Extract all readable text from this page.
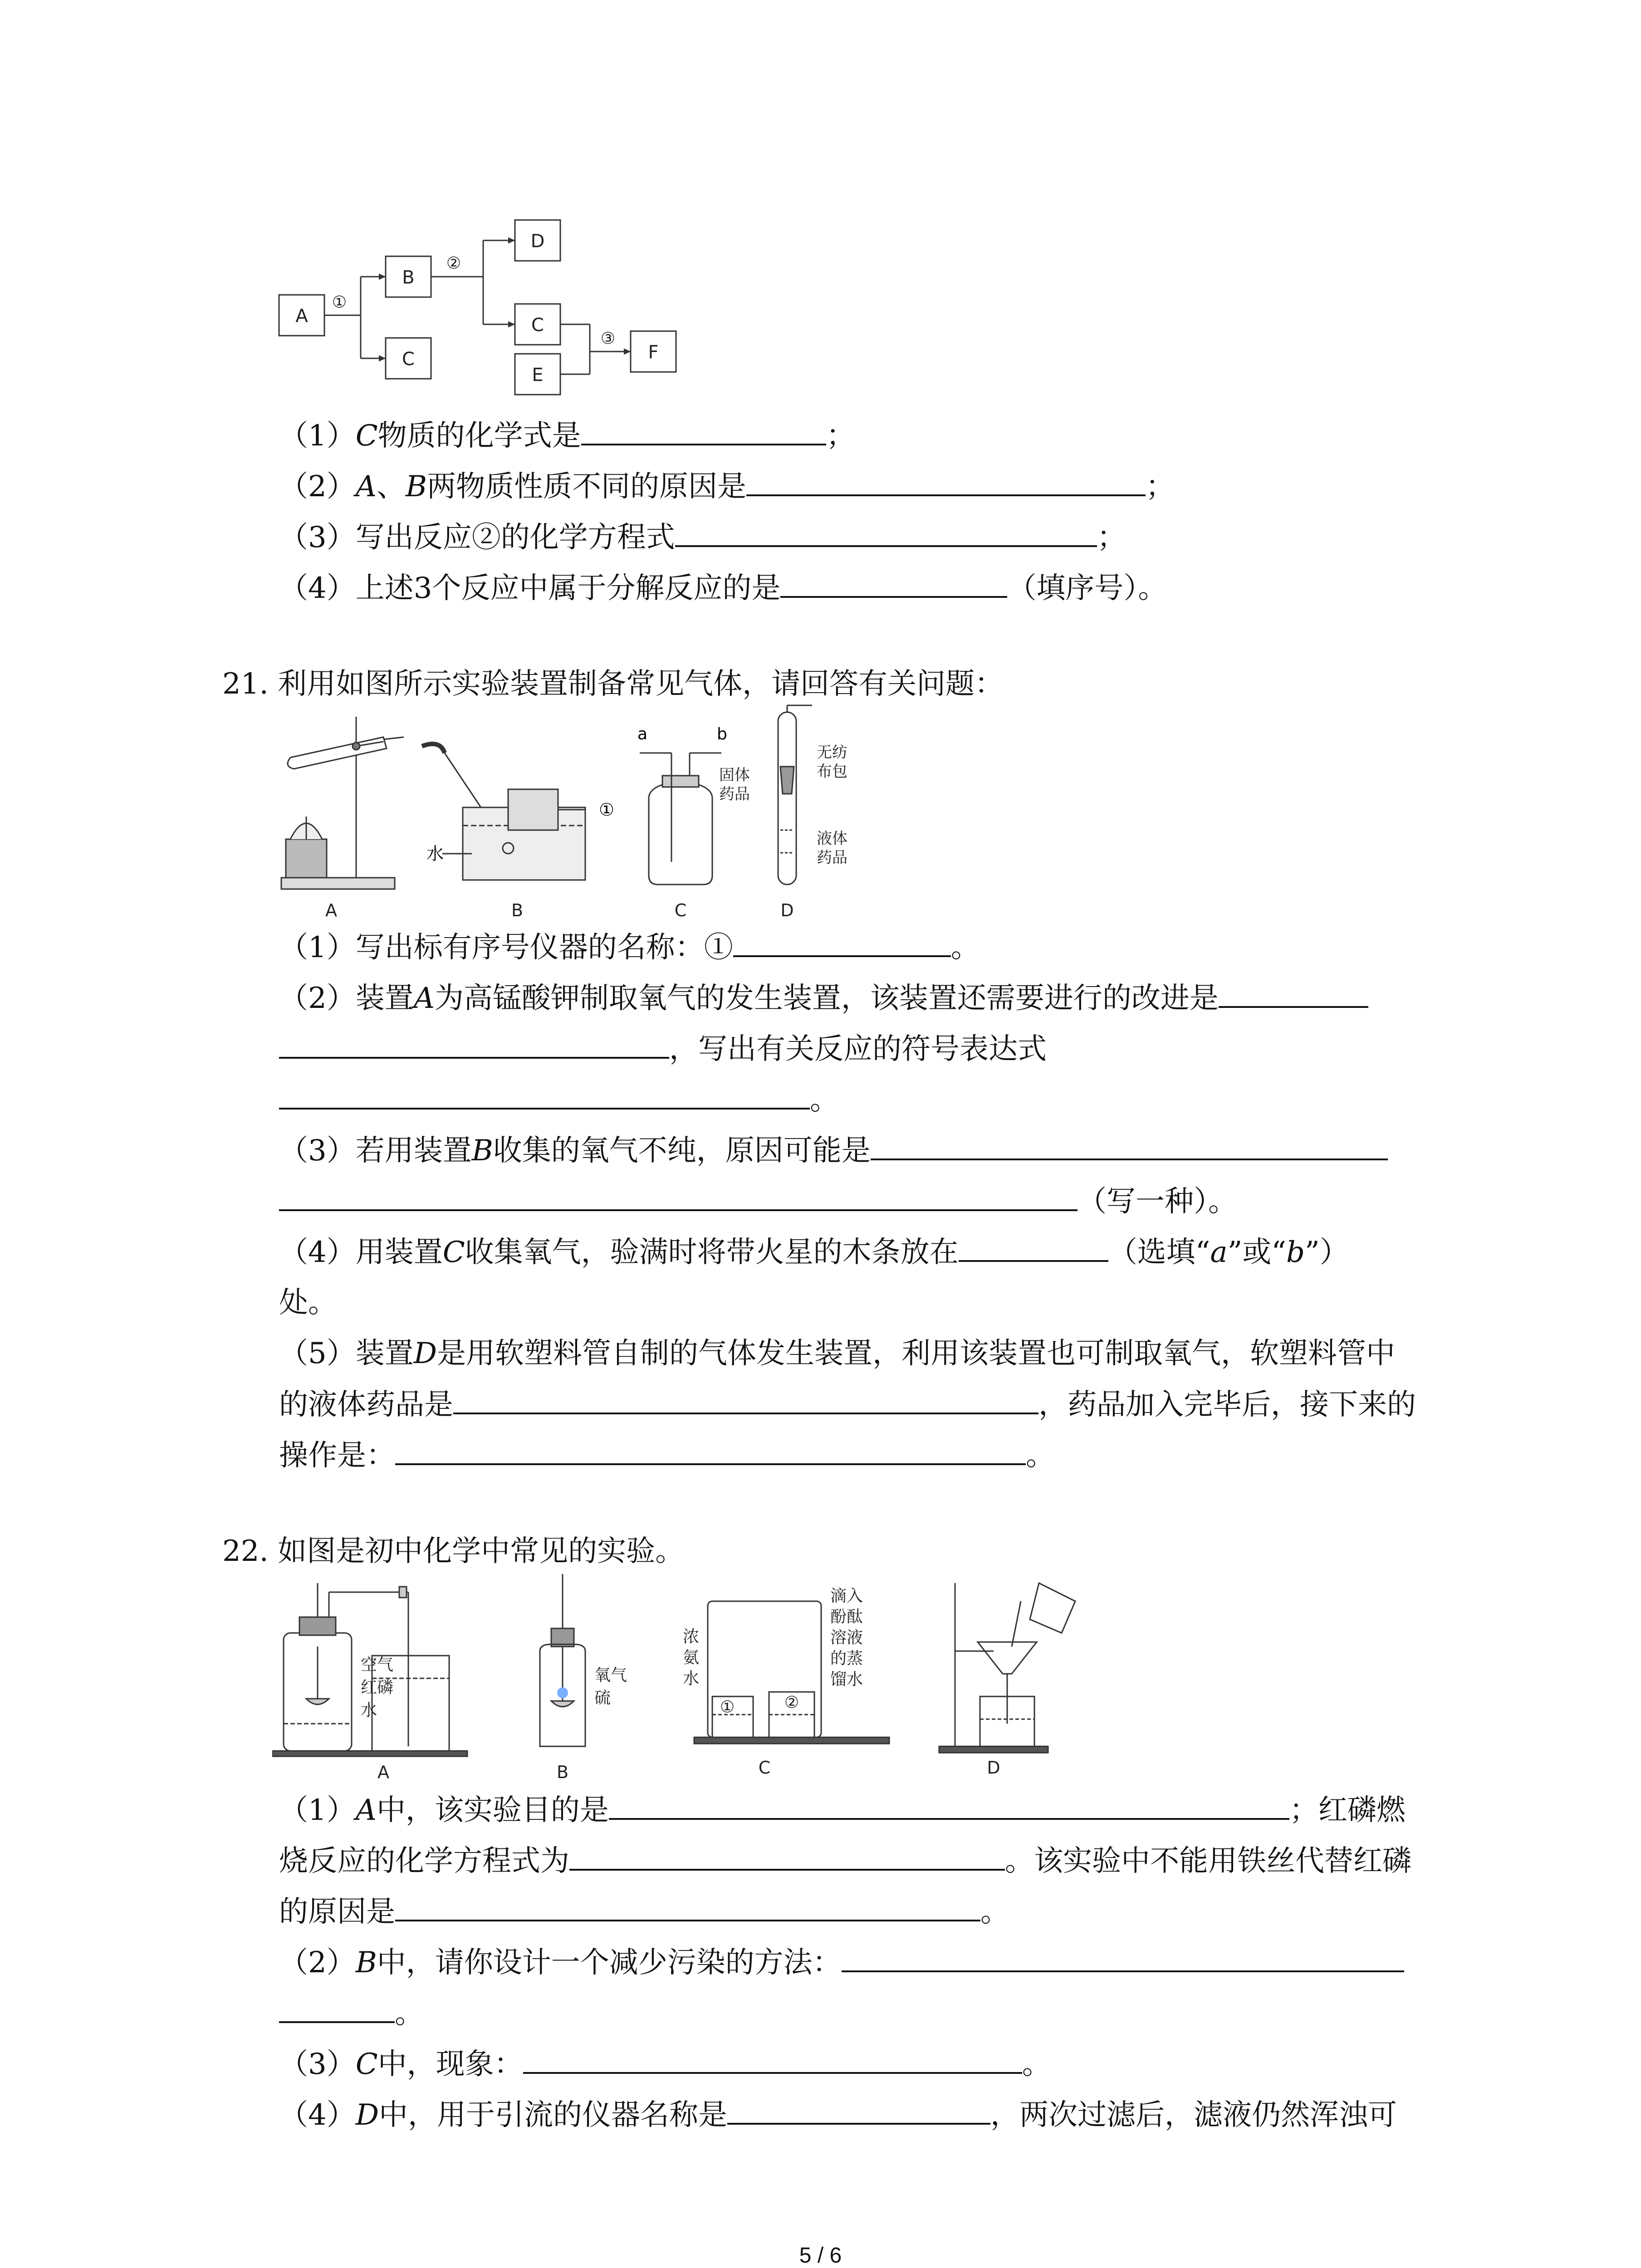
A
B
C
D
C
E
F
①
②
③
（1）C物质的化学式是	；
（2）A、B两物质性质不同的原因是	；
（3）写出反应②的化学方程式	；
（4）上述3个反应中属于分解反应的是	（填序号）。
21. 利用如图所示实验装置制备常见气体，请回答有关问题：
①
水
a	b
固体
药品
无纺
布包
液体
药品
A	B	C	D
（1）写出标有序号仪器的名称：①	。
（2）装置A为高锰酸钾制取氧气的发生装置，该装置还需要进行的改进是
，写出有关反应的符号表达式
。
（3）若用装置B收集的氧气不纯，原因可能是
（写一种）。
（4）用装置C收集氧气，验满时将带火星的木条放在	（选填“a”或“b”）
处。
（5）装置D是用软塑料管自制的气体发生装置，利用该装置也可制取氧气，软塑料管中
的液体药品是	，药品加入完毕后，接下来的
操作是：	。
22. 如图是初中化学中常见的实验。
空气
红磷
水
氧气
硫	①	②
浓
氨
水
滴入
酚酞
溶液
的蒸
馏水
A	B	C	D
（1）A中，该实验目的是	；红磷燃
烧反应的化学方程式为	。该实验中不能用铁丝代替红磷
的原因是	。
（2）B中，请你设计一个减少污染的方法：
。
（3）C中，现象：	。
（4）D中，用于引流的仪器名称是	，两次过滤后，滤液仍然浑浊可
5 / 6
